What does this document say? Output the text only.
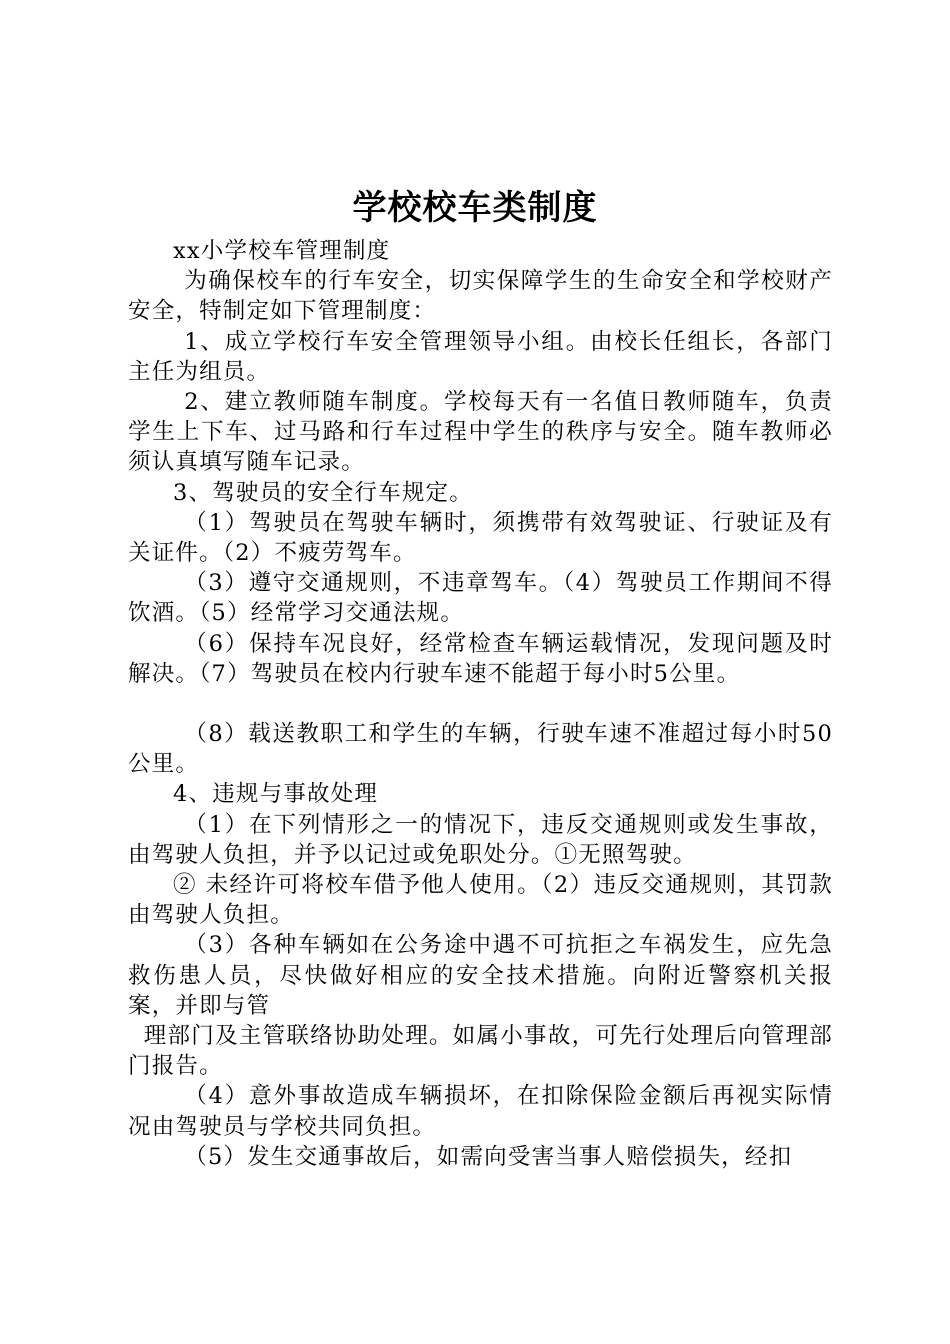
学校校车类制度

xx小学校车管理制度

为确保校车的行车安全，切实保障学生的生命安全和学校财产安全，特制定如下管理制度：

1、成立学校行车安全管理领导小组。由校长任组长，各部门主任为组员。

2、建立教师随车制度。学校每天有一名值日教师随车，负责学生上下车、过马路和行车过程中学生的秩序与安全。随车教师必须认真填写随车记录。

3、驾驶员的安全行车规定。

（1）驾驶员在驾驶车辆时，须携带有效驾驶证、行驶证及有关证件。（2）不疲劳驾车。

（3）遵守交通规则，不违章驾车。（4）驾驶员工作期间不得饮酒。（5）经常学习交通法规。

（6）保持车况良好，经常检查车辆运载情况，发现问题及时解决。（7）驾驶员在校内行驶车速不能超于每小时5公里。

（8）载送教职工和学生的车辆，行驶车速不准超过每小时50公里。

4、违规与事故处理

（1）在下列情形之一的情况下，违反交通规则或发生事故，由驾驶人负担，并予以记过或免职处分。①无照驾驶。

② 未经许可将校车借予他人使用。（2）违反交通规则，其罚款由驾驶人负担。

（3）各种车辆如在公务途中遇不可抗拒之车祸发生，应先急救伤患人员，尽快做好相应的安全技术措施。向附近警察机关报案，并即与管

理部门及主管联络协助处理。如属小事故，可先行处理后向管理部门报告。

（4）意外事故造成车辆损坏，在扣除保险金额后再视实际情况由驾驶员与学校共同负担。

（5）发生交通事故后，如需向受害当事人赔偿损失，经扣
